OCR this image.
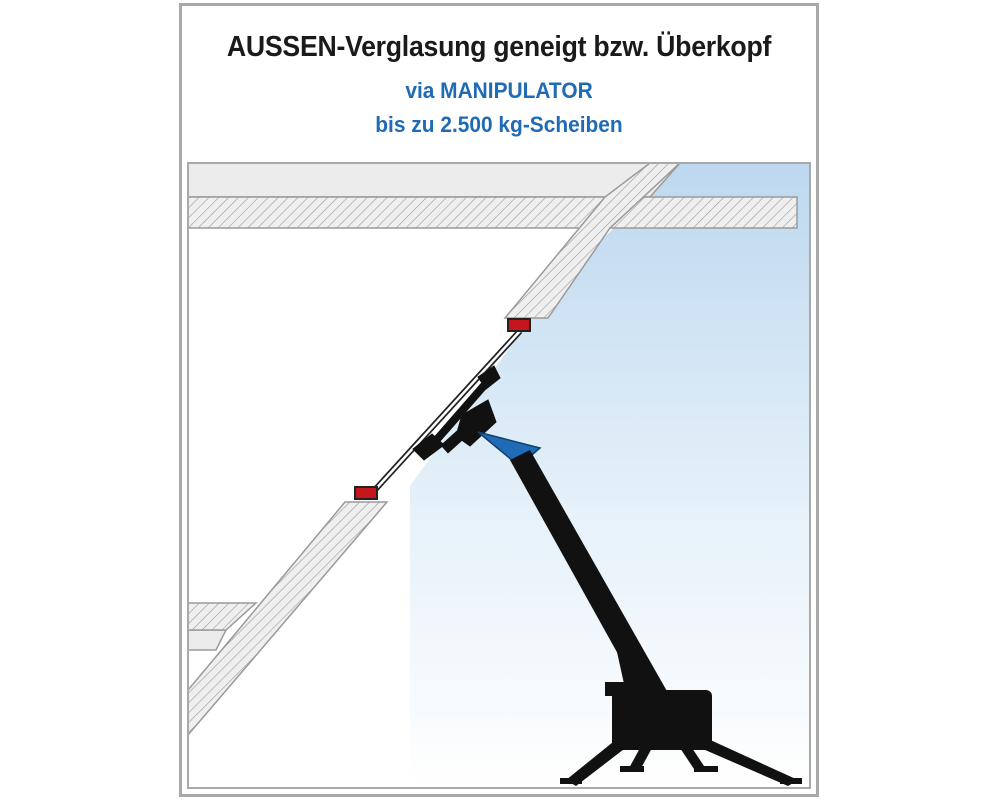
AUSSEN-Verglasung geneigt bzw. Überkopf
via MANIPULATOR
bis zu 2.500 kg-Scheiben
